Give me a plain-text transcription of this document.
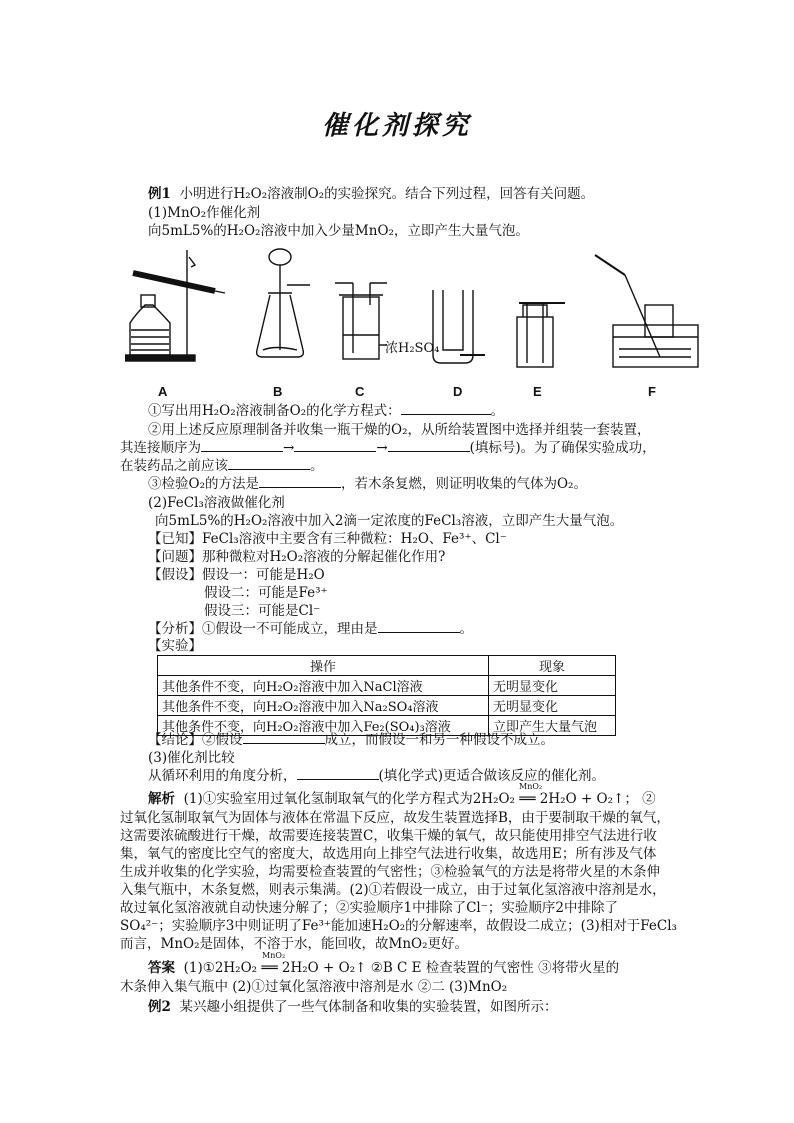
催化剂探究
例1 小明进行H₂O₂溶液制O₂的实验探究。结合下列过程，回答有关问题。
(1)MnO₂作催化剂
向5mL5%的H₂O₂溶液中加入少量MnO₂，立即产生大量气泡。
浓H₂SO₄
A	B	C	D	E	F
①写出用H₂O₂溶液制备O₂的化学方程式：	。
②用上述反应原理制备并收集一瓶干燥的O₂，从所给装置图中选择并组装一套装置，
其连接顺序为	→	→	(填标号)。为了确保实验成功，
在装药品之前应该	。
③检验O₂的方法是	，若木条复燃，则证明收集的气体为O₂。
(2)FeCl₃溶液做催化剂
向5mL5%的H₂O₂溶液中加入2滴一定浓度的FeCl₃溶液，立即产生大量气泡。
【已知】FeCl₃溶液中主要含有三种微粒：H₂O、Fe³⁺、Cl⁻
【问题】那种微粒对H₂O₂溶液的分解起催化作用?
【假设】假设一：可能是H₂O
假设二：可能是Fe³⁺
假设三：可能是Cl⁻
【分析】①假设一不可能成立，理由是	。
【实验】
操作	现象
其他条件不变，向H₂O₂溶液中加入NaCl溶液	无明显变化
其他条件不变，向H₂O₂溶液中加入Na₂SO₄溶液	无明显变化
其他条件不变，向H₂O₂溶液中加入Fe₂(SO₄)₃溶液	立即产生大量气泡
【结论】②假设	成立，而假设一和另一种假设不成立。
(3)催化剂比较
从循环利用的角度分析，	(填化学式)更适合做该反应的催化剂。
解析 (1)①实验室用过氧化氢制取氧气的化学方程式为2H₂O₂ ══ 2H₂O + O₂↑； ②
MnO₂
过氧化氢制取氧气为固体与液体在常温下反应，故发生装置选择B，由于要制取干燥的氧气，
这需要浓硫酸进行干燥，故需要连接装置C，收集干燥的氧气，故只能使用排空气法进行收
集，氧气的密度比空气的密度大，故选用向上排空气法进行收集，故选用E；所有涉及气体
生成并收集的化学实验，均需要检查装置的气密性；③检验氧气的方法是将带火星的木条伸
入集气瓶中，木条复燃，则表示集满。(2)①若假设一成立，由于过氧化氢溶液中溶剂是水，
故过氧化氢溶液就自动快速分解了；②实验顺序1中排除了Cl⁻；实验顺序2中排除了
SO₄²⁻；实验顺序3中则证明了Fe³⁺能加速H₂O₂的分解速率，故假设二成立；(3)相对于FeCl₃
而言，MnO₂是固体，不溶于水，能回收，故MnO₂更好。
答案 (1)①2H₂O₂ ══ 2H₂O + O₂↑ ②B C E 检查装置的气密性 ③将带火星的
MnO₂
木条伸入集气瓶中 (2)①过氧化氢溶液中溶剂是水 ②二 (3)MnO₂
例2 某兴趣小组提供了一些气体制备和收集的实验装置，如图所示：
